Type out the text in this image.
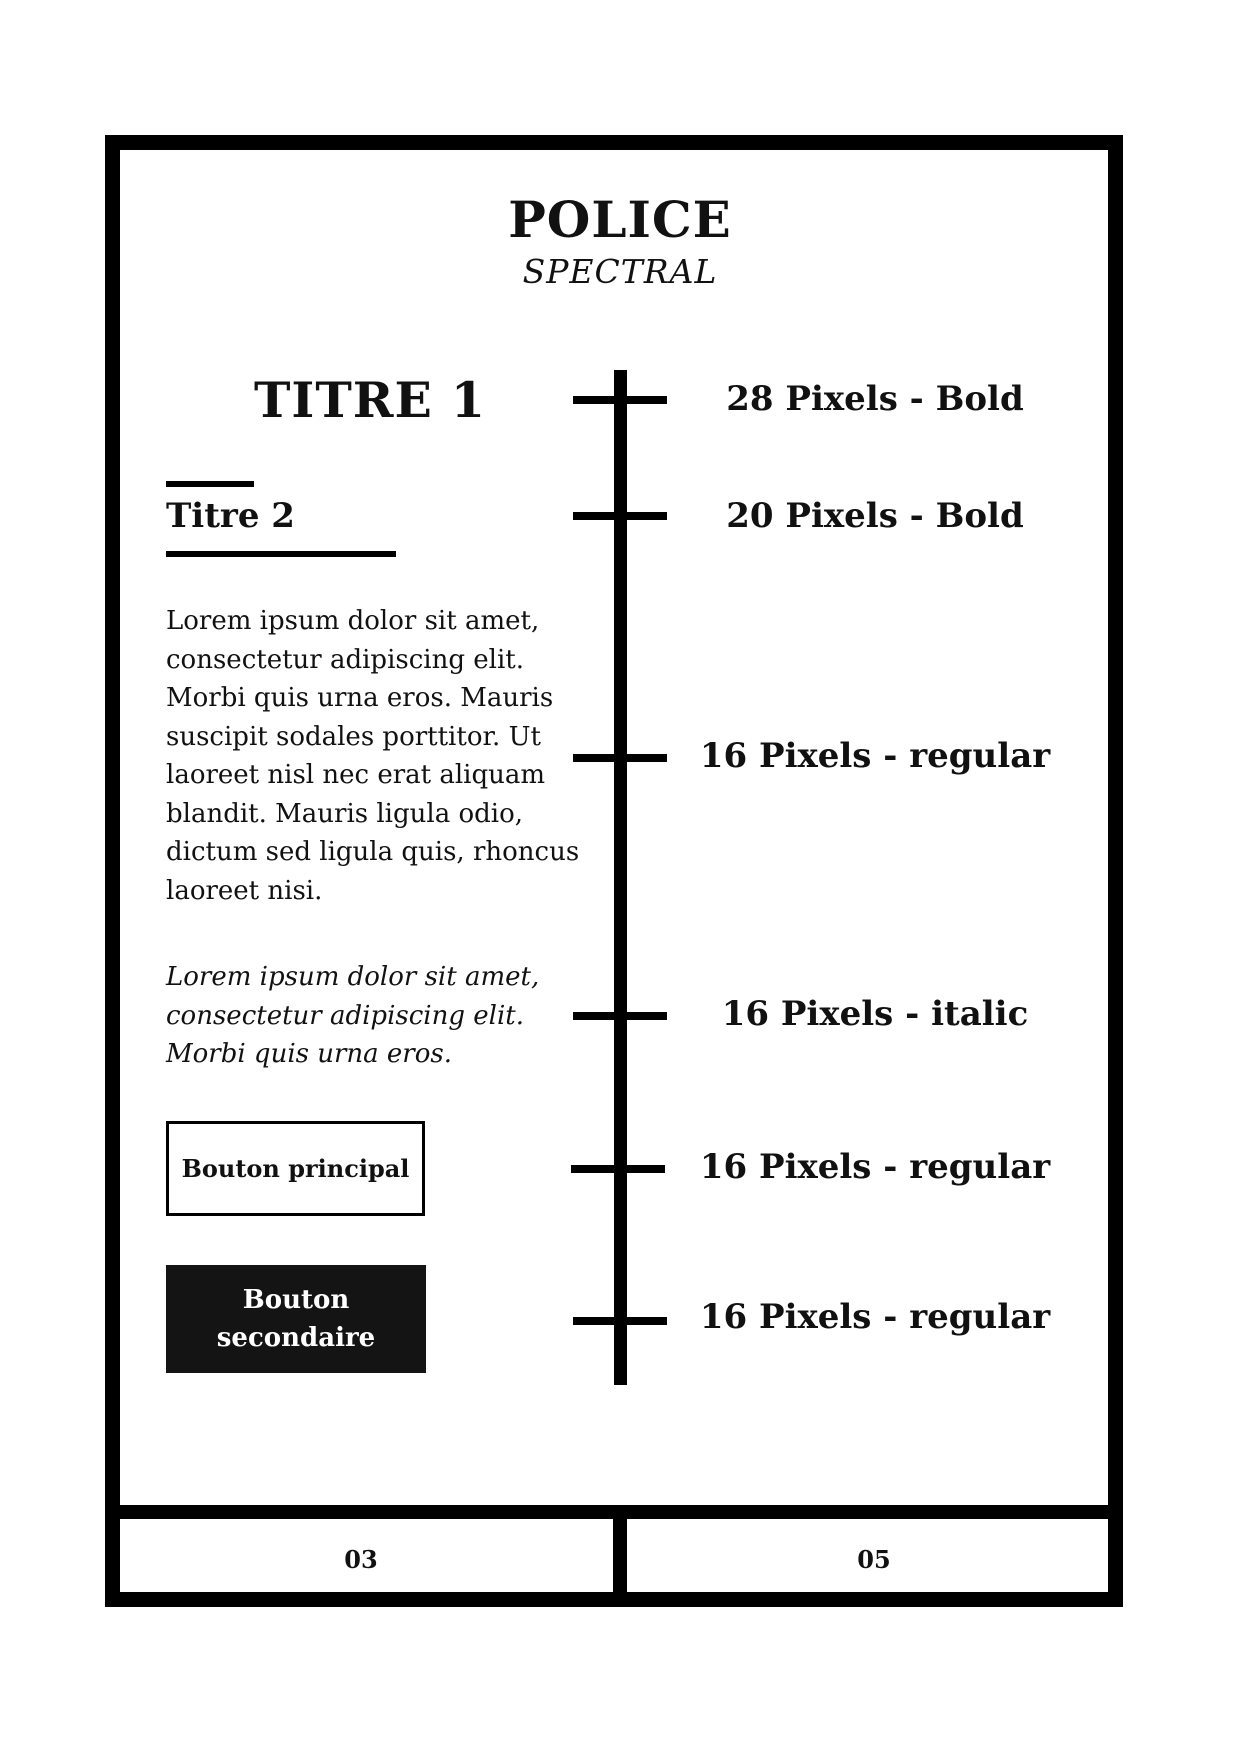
POLICE
SPECTRAL
28 Pixels - Bold
20 Pixels - Bold
16 Pixels - regular
16 Pixels - italic
16 Pixels - regular
16 Pixels - regular
TITRE 1
Titre 2

Lorem ipsum dolor sit amet, consectetur adipiscing elit. Morbi quis urna eros. Mauris suscipit sodales porttitor. Ut laoreet nisl nec erat aliquam blandit. Mauris ligula odio, dictum sed ligula quis, rhoncus laoreet nisi.

Lorem ipsum dolor sit amet, consectetur adipiscing elit. Morbi quis urna eros.

Bouton principal
Bouton secondaire
03	05
